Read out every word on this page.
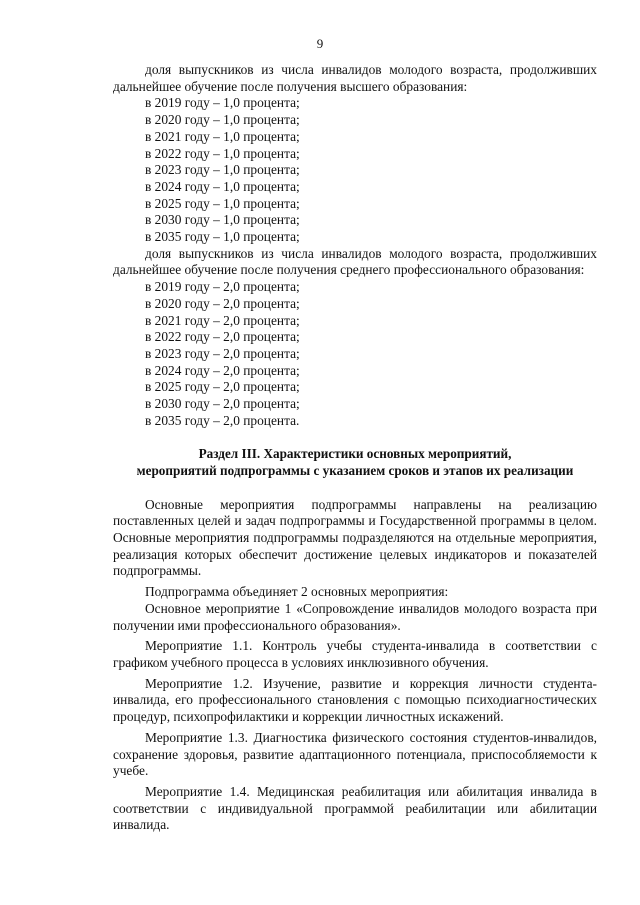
9

доля выпускников из числа инвалидов молодого возраста, продолживших дальнейшее обучение после получения высшего образования:

в 2019 году – 1,0 процента;

в 2020 году – 1,0 процента;

в 2021 году – 1,0 процента;

в 2022 году – 1,0 процента;

в 2023 году – 1,0 процента;

в 2024 году – 1,0 процента;

в 2025 году – 1,0 процента;

в 2030 году – 1,0 процента;

в 2035 году – 1,0 процента;

доля выпускников из числа инвалидов молодого возраста, продолживших дальнейшее обучение после получения среднего профессионального образования:

в 2019 году – 2,0 процента;

в 2020 году – 2,0 процента;

в 2021 году – 2,0 процента;

в 2022 году – 2,0 процента;

в 2023 году – 2,0 процента;

в 2024 году – 2,0 процента;

в 2025 году – 2,0 процента;

в 2030 году – 2,0 процента;

в 2035 году – 2,0 процента.

Раздел III. Характеристики основных мероприятий,
мероприятий подпрограммы с указанием сроков и этапов их реализации

Основные мероприятия подпрограммы направлены на реализацию поставленных целей и задач подпрограммы и Государственной программы в целом. Основные мероприятия подпрограммы подразделяются на отдельные мероприятия, реализация которых обеспечит достижение целевых индикаторов и показателей подпрограммы.

Подпрограмма объединяет 2 основных мероприятия:

Основное мероприятие 1 «Сопровождение инвалидов молодого возраста при получении ими профессионального образования».

Мероприятие 1.1. Контроль учебы студента-инвалида в соответствии с графиком учебного процесса в условиях инклюзивного обучения.

Мероприятие 1.2. Изучение, развитие и коррекция личности студента-инвалида, его профессионального становления с помощью психодиагностических процедур, психопрофилактики и коррекции личностных искажений.

Мероприятие 1.3. Диагностика физического состояния студентов-инвалидов, сохранение здоровья, развитие адаптационного потенциала, приспособляемости к учебе.

Мероприятие 1.4. Медицинская реабилитация или абилитация инвалида в соответствии с индивидуальной программой реабилитации или абилитации инвалида.
